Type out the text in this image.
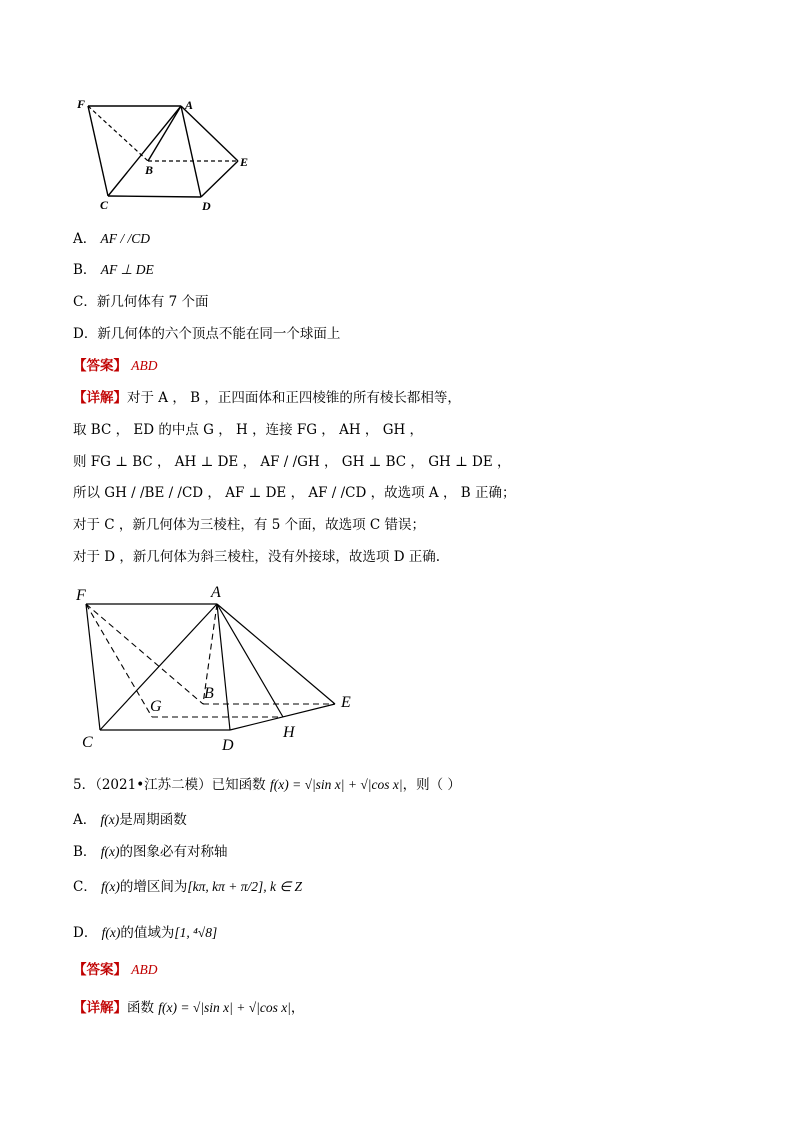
F	A
B
E
C	D
A． AF / /CD
B． AF ⊥ DE
C．新几何体有 7 个面
D．新几何体的六个顶点不能在同一个球面上
【答案】 ABD
【详解】对于 A ， B ，正四面体和正四棱锥的所有棱长都相等，
取 BC ， ED 的中点 G ， H ，连接 FG ， AH ， GH ，
则 FG ⊥ BC ， AH ⊥ DE ， AF / /GH ， GH ⊥ BC ， GH ⊥ DE ，
所以 GH / /BE / /CD ， AF ⊥ DE ， AF / /CD ，故选项 A ， B 正确；
对于 C ，新几何体为三棱柱，有 5 个面，故选项 C 错误；
对于 D ，新几何体为斜三棱柱，没有外接球，故选项 D 正确.
F	A
B
G	E
C	D
H
5．（2021•江苏二模）已知函数 f(x) = √|sin x| + √|cos x|，则（ ）
A． f(x)是周期函数
B． f(x)的图象必有对称轴
C． f(x)的增区间为[kπ, kπ + π/2], k ∈ Z
D． f(x)的值域为[1, ⁴√8]
【答案】 ABD
【详解】函数 f(x) = √|sin x| + √|cos x|，
